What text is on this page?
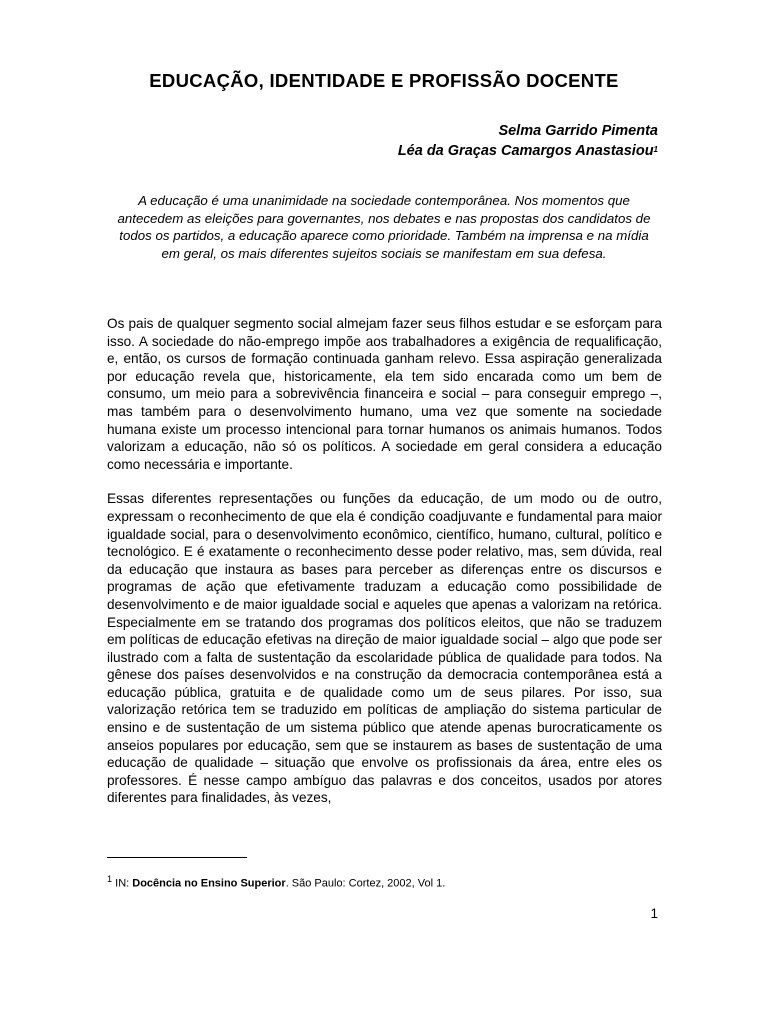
EDUCAÇÃO, IDENTIDADE E PROFISSÃO DOCENTE
Selma Garrido Pimenta
Léa da Graças Camargos Anastasiou$^1$
A educação é uma unanimidade na sociedade contemporânea. Nos momentos que antecedem as eleições para governantes, nos debates e nas propostas dos candidatos de todos os partidos, a educação aparece como prioridade. Também na imprensa e na mídia em geral, os mais diferentes sujeitos sociais se manifestam em sua defesa.

Os pais de qualquer segmento social almejam fazer seus filhos estudar e se esforçam para isso. A sociedade do não-emprego impõe aos trabalhadores a exigência de requalificação, e, então, os cursos de formação continuada ganham relevo. Essa aspiração generalizada por educação revela que, historicamente, ela tem sido encarada como um bem de consumo, um meio para a sobrevivência financeira e social – para conseguir emprego –, mas também para o desenvolvimento humano, uma vez que somente na sociedade humana existe um processo intencional para tornar humanos os animais humanos. Todos valorizam a educação, não só os políticos. A sociedade em geral considera a educação como necessária e importante.

Essas diferentes representações ou funções da educação, de um modo ou de outro, expressam o reconhecimento de que ela é condição coadjuvante e fundamental para maior igualdade social, para o desenvolvimento econômico, científico, humano, cultural, político e tecnológico. E é exatamente o reconhecimento desse poder relativo, mas, sem dúvida, real da educação que instaura as bases para perceber as diferenças entre os discursos e programas de ação que efetivamente traduzam a educação como possibilidade de desenvolvimento e de maior igualdade social e aqueles que apenas a valorizam na retórica. Especialmente em se tratando dos programas dos políticos eleitos, que não se traduzem em políticas de educação efetivas na direção de maior igualdade social – algo que pode ser ilustrado com a falta de sustentação da escolaridade pública de qualidade para todos. Na gênese dos países desenvolvidos e na construção da democracia contemporânea está a educação pública, gratuita e de qualidade como um de seus pilares. Por isso, sua valorização retórica tem se traduzido em políticas de ampliação do sistema particular de ensino e de sustentação de um sistema público que atende apenas burocraticamente os anseios populares por educação, sem que se instaurem as bases de sustentação de uma educação de qualidade – situação que envolve os profissionais da área, entre eles os professores. É nesse campo ambíguo das palavras e dos conceitos, usados por atores diferentes para finalidades, às vezes,

$^1$ IN: Docência no Ensino Superior. São Paulo: Cortez, 2002, Vol 1.
1
